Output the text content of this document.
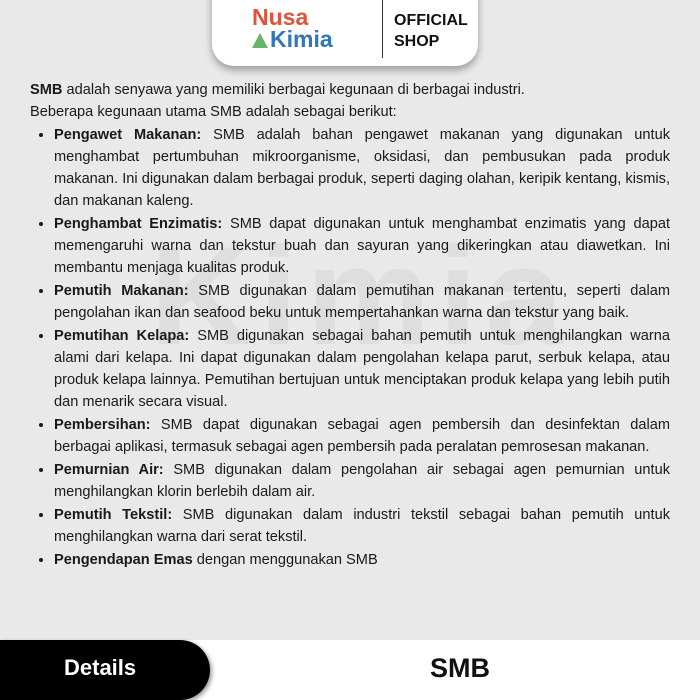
Nusa
Kimia
OFFICIAL
SHOP

SMB adalah senyawa yang memiliki berbagai kegunaan di berbagai industri.

Beberapa kegunaan utama SMB adalah sebagai berikut:

• Pengawet Makanan: SMB adalah bahan pengawet makanan yang digunakan untuk menghambat pertumbuhan mikroorganisme, oksidasi, dan pembusukan pada produk makanan. Ini digunakan dalam berbagai produk, seperti daging olahan, keripik kentang, kismis, dan makanan kaleng.
• Penghambat Enzimatis: SMB dapat digunakan untuk menghambat enzimatis yang dapat memengaruhi warna dan tekstur buah dan sayuran yang dikeringkan atau diawetkan. Ini membantu menjaga kualitas produk.
• Pemutih Makanan: SMB digunakan dalam pemutihan makanan tertentu, seperti dalam pengolahan ikan dan seafood beku untuk mempertahankan warna dan tekstur yang baik.
• Pemutihan Kelapa: SMB digunakan sebagai bahan pemutih untuk menghilangkan warna alami dari kelapa. Ini dapat digunakan dalam pengolahan kelapa parut, serbuk kelapa, atau produk kelapa lainnya. Pemutihan bertujuan untuk menciptakan produk kelapa yang lebih putih dan menarik secara visual.
• Pembersihan: SMB dapat digunakan sebagai agen pembersih dan desinfektan dalam berbagai aplikasi, termasuk sebagai agen pembersih pada peralatan pemrosesan makanan.
• Pemurnian Air: SMB digunakan dalam pengolahan air sebagai agen pemurnian untuk menghilangkan klorin berlebih dalam air.
• Pemutih Tekstil: SMB digunakan dalam industri tekstil sebagai bahan pemutih untuk menghilangkan warna dari serat tekstil.
• Pengendapan Emas dengan menggunakan SMB
Details	SMB
